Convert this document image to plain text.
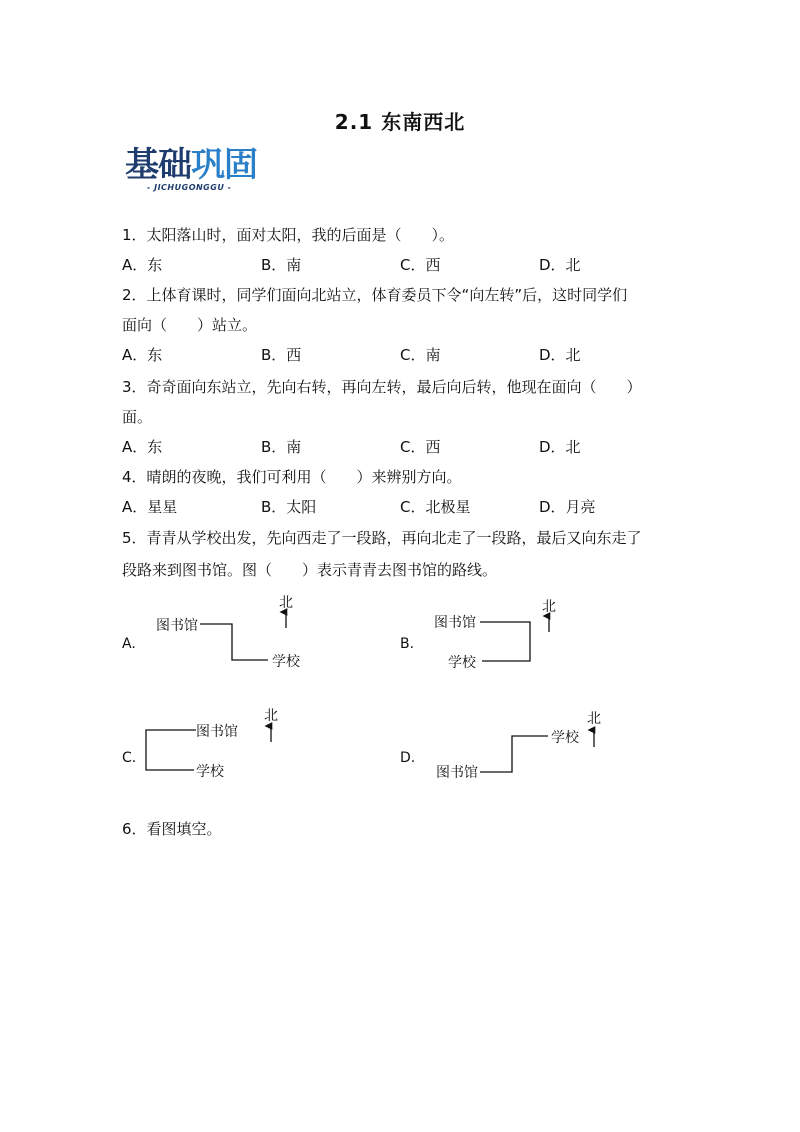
2.1 东南西北
基础巩固
- JICHUGONGGU -
1．太阳落山时，面对太阳，我的后面是（　　）。
A．东	B．南	C．西	D．北
2．上体育课时，同学们面向北站立，体育委员下令“向左转”后，这时同学们
面向（　　）站立。
A．东	B．西	C．南	D．北
3．奇奇面向东站立，先向右转，再向左转，最后向后转，他现在面向（　　）
面。
A．东	B．南	C．西	D．北
4．晴朗的夜晚，我们可利用（　　）来辨别方向。
A．星星	B．太阳	C．北极星	D．月亮
5．青青从学校出发，先向西走了一段路，再向北走了一段路，最后又向东走了
段路来到图书馆。图（　　）表示青青去图书馆的路线。
A.
图书馆
学校
北
B.
图书馆
学校
北
C.
图书馆
学校
北
D.
图书馆
学校
北
6．看图填空。
